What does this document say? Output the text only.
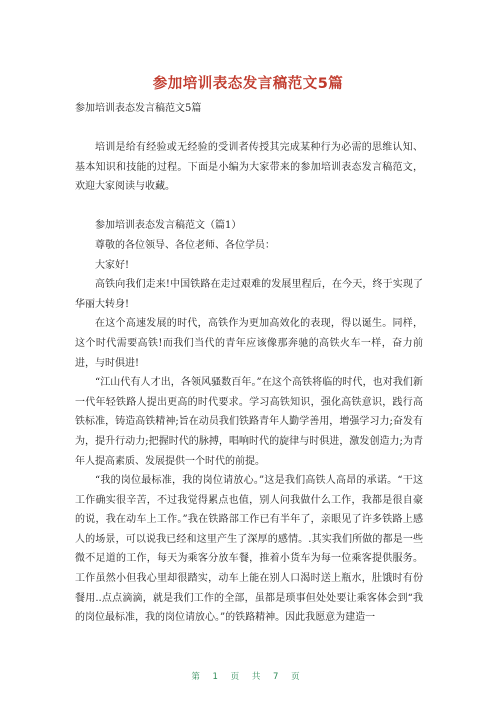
参加培训表态发言稿范文5篇
参加培训表态发言稿范文5篇

培训是给有经验或无经验的受训者传授其完成某种行为必需的思维认知、基本知识和技能的过程。下面是小编为大家带来的参加培训表态发言稿范文，欢迎大家阅读与收藏。

参加培训表态发言稿范文（篇1）

尊敬的各位领导、各位老师、各位学员：

大家好!

高铁向我们走来!中国铁路在走过艰难的发展里程后，在今天，终于实现了华丽大转身!

在这个高速发展的时代，高铁作为更加高效化的表现，得以诞生。同样，这个时代需要高铁!而我们当代的青年应该像那奔驰的高铁火车一样，奋力前进，与时俱进!

“江山代有人才出，各领风骚数百年。”在这个高铁将临的时代，也对我们新一代年轻铁路人提出更高的时代要求。学习高铁知识，强化高铁意识，践行高铁标准，铸造高铁精神;旨在动员我们铁路青年人勤学善用，增强学习力;奋发有为，提升行动力;把握时代的脉搏，唱响时代的旋律与时俱进，激发创造力;为青年人提高素质、发展提供一个时代的前提。

“我的岗位最标准，我的岗位请放心。”这是我们高铁人高昂的承诺。“干这工作确实很辛苦，不过我觉得累点也值，别人问我做什么工作，我都是很自豪的说，我在动车上工作。”我在铁路部工作已有半年了，亲眼见了许多铁路上感人的场景，可以说我已经和这里产生了深厚的感情。.其实我们所做的都是一些微不足道的工作，每天为乘客分放车餐，推着小货车为每一位乘客提供服务。工作虽然小但我心里却很踏实，动车上能在别人口渴时送上瓶水，肚饿时有份餐用..点点滴滴，就是我们工作的全部，虽都是琐事但处处要让乘客体会到“我的岗位最标准，我的岗位请放心。”的铁路精神。因此我愿意为建造一

第 1 页 共 7 页
